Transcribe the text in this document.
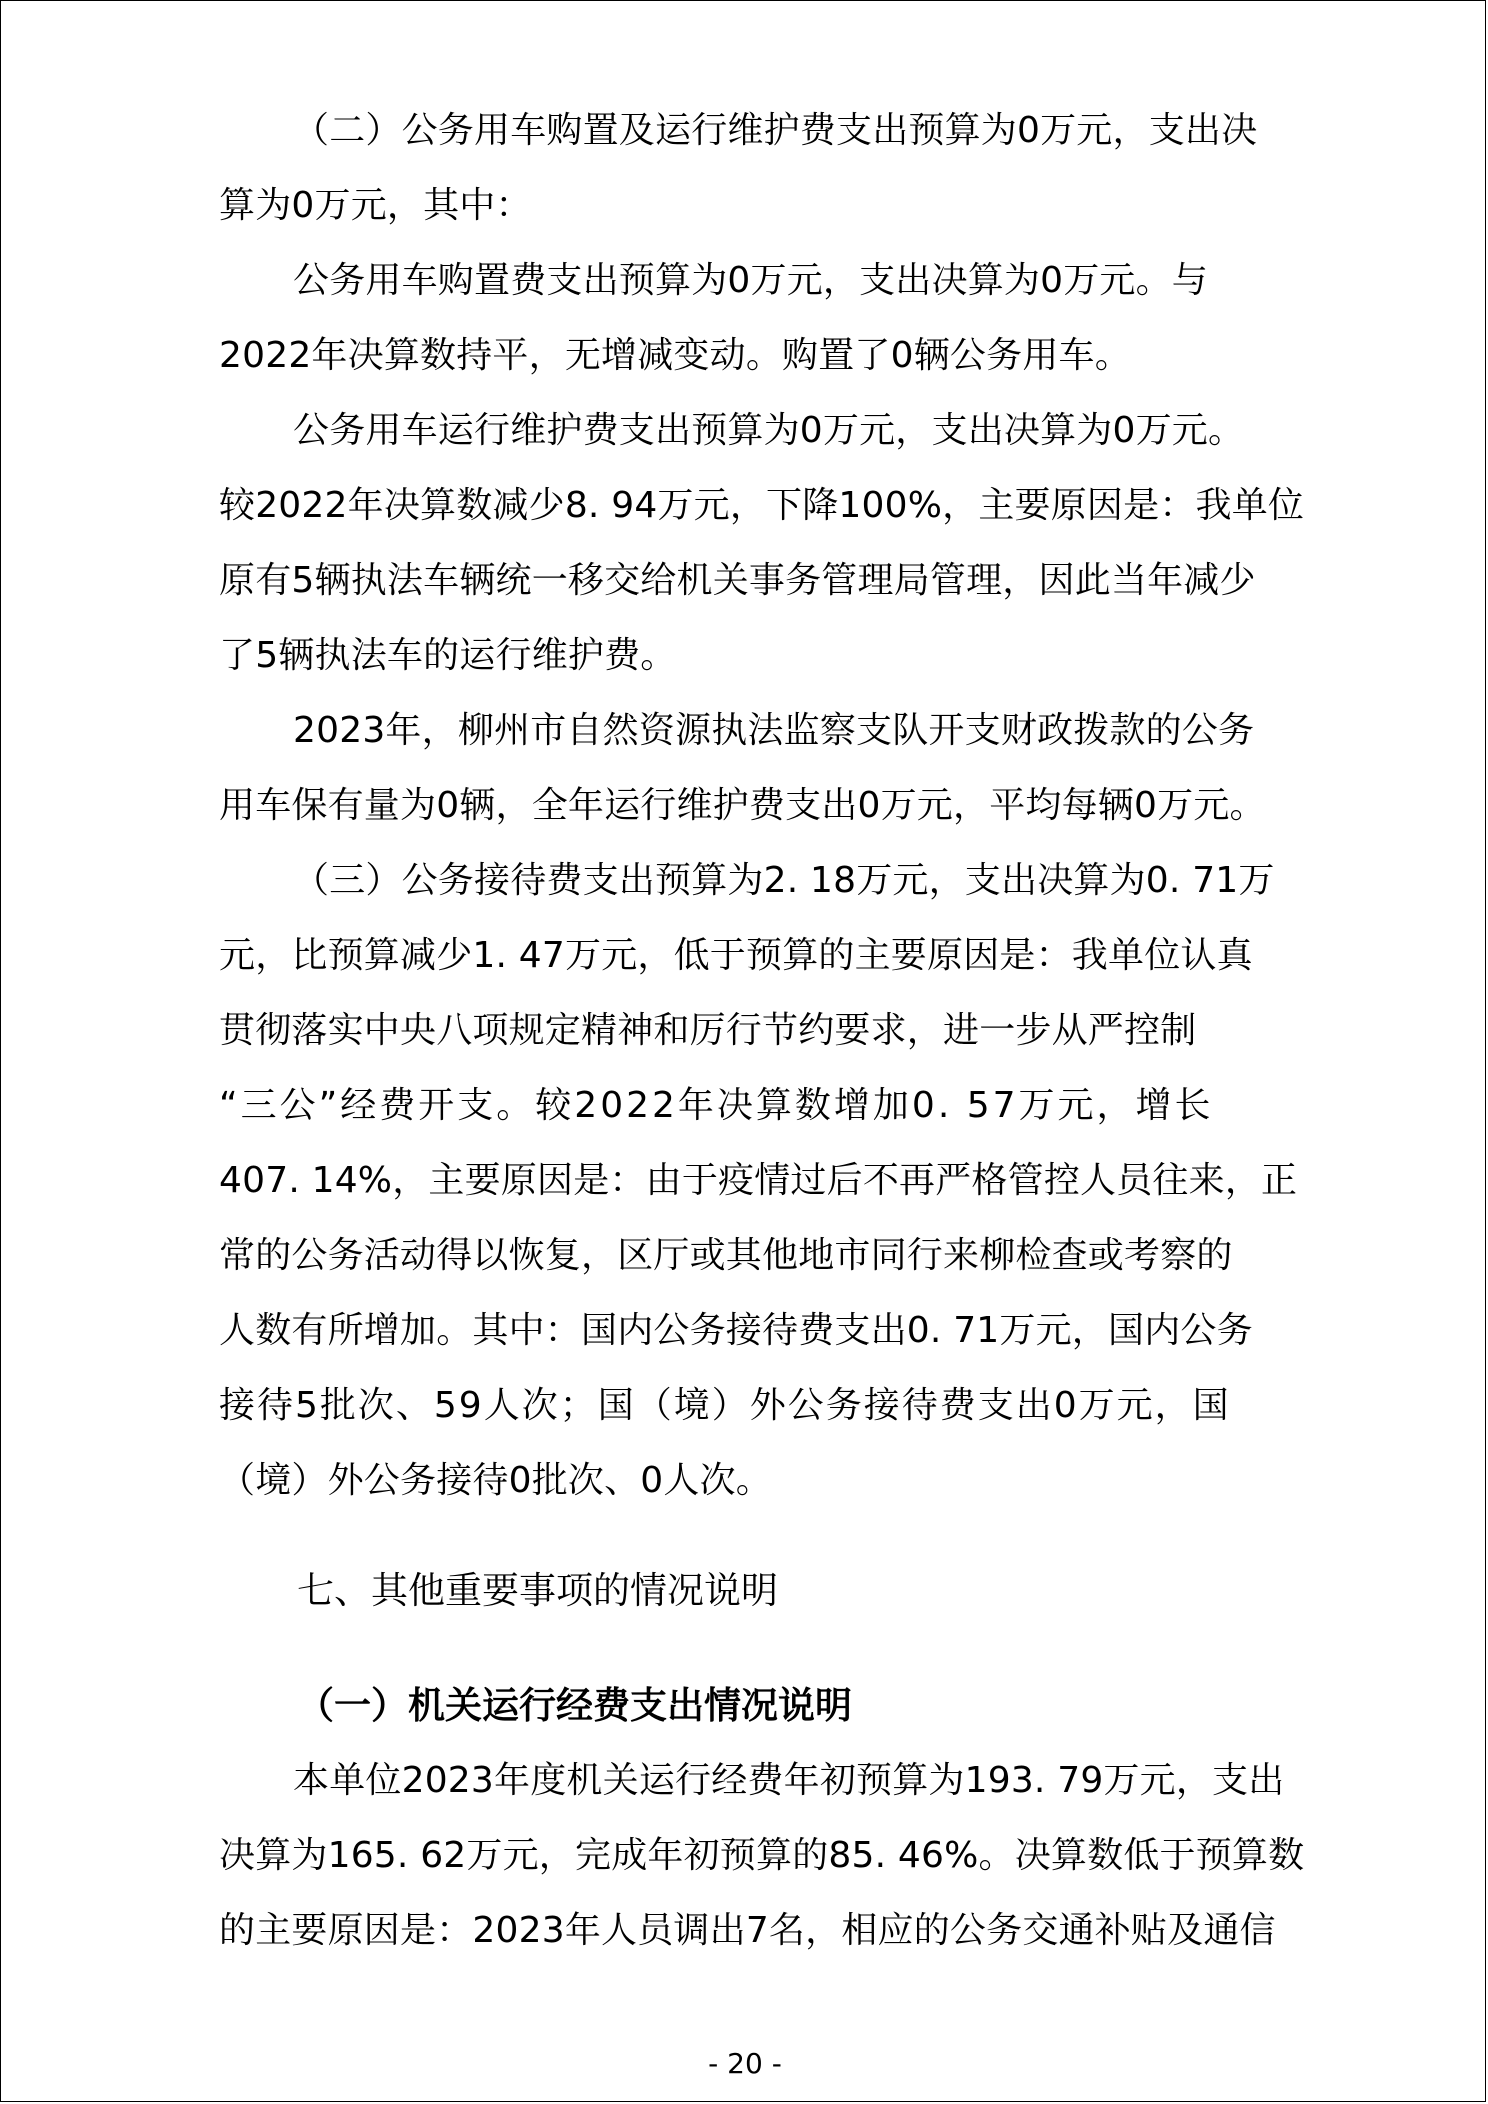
（二）公务用车购置及运行维护费支出预算为0万元，支出决
算为0万元，其中：
公务用车购置费支出预算为0万元，支出决算为0万元。与
2022年决算数持平，无增减变动。购置了0辆公务用车。
公务用车运行维护费支出预算为0万元，支出决算为0万元。
较2022年决算数减少8. 94万元，下降100%，主要原因是：我单位
原有5辆执法车辆统一移交给机关事务管理局管理，因此当年减少
了5辆执法车的运行维护费。
2023年，柳州市自然资源执法监察支队开支财政拨款的公务
用车保有量为0辆，全年运行维护费支出0万元，平均每辆0万元。
（三）公务接待费支出预算为2. 18万元，支出决算为0. 71万
元，比预算减少1. 47万元，低于预算的主要原因是：我单位认真
贯彻落实中央八项规定精神和厉行节约要求，进一步从严控制
“三公”经费开支。较2022年决算数增加0. 57万元，增长
407. 14%，主要原因是：由于疫情过后不再严格管控人员往来，正
常的公务活动得以恢复，区厅或其他地市同行来柳检查或考察的
人数有所增加。其中：国内公务接待费支出0. 71万元，国内公务
接待5批次、59人次；国（境）外公务接待费支出0万元，国
（境）外公务接待0批次、0人次。
七、其他重要事项的情况说明
（一）机关运行经费支出情况说明
本单位2023年度机关运行经费年初预算为193. 79万元，支出
决算为165. 62万元，完成年初预算的85. 46%。决算数低于预算数
的主要原因是：2023年人员调出7名，相应的公务交通补贴及通信
- 20 -
